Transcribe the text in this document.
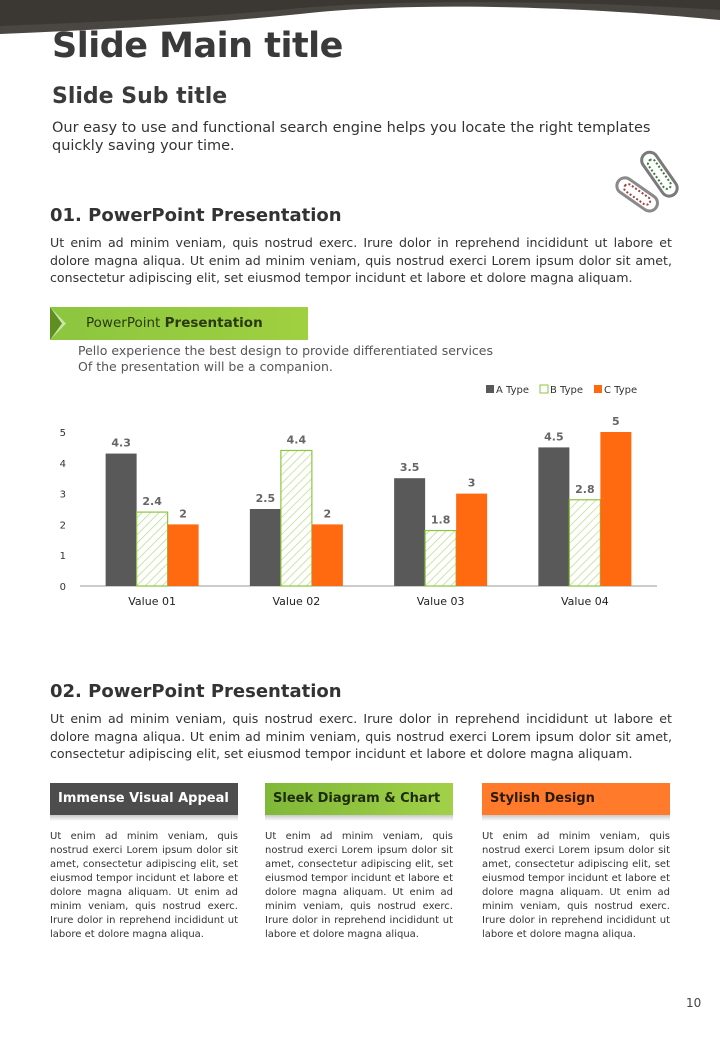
Slide Main title
Slide Sub title
Our easy to use and functional search engine helps you locate the right templates quickly saving your time.
01. PowerPoint Presentation
Ut enim ad minim veniam, quis nostrud exerc. Irure dolor in reprehend incididunt ut labore et dolore magna aliqua. Ut enim ad minim veniam, quis nostrud exerci Lorem ipsum dolor sit amet, consectetur adipiscing elit, set eiusmod tempor incidunt et labore et dolore magna aliquam.
PowerPoint Presentation
Pello experience the best design to provide differentiated services
Of the presentation will be a companion.
0
1
2
3
4
5
4.3
2.4
2
Value 01
2.5
4.4
2
Value 02
3.5
1.8
3
Value 03
4.5
2.8
5
Value 04
A Type B Type C Type
02. PowerPoint Presentation
Ut enim ad minim veniam, quis nostrud exerc. Irure dolor in reprehend incididunt ut labore et dolore magna aliqua. Ut enim ad minim veniam, quis nostrud exerci Lorem ipsum dolor sit amet, consectetur adipiscing elit, set eiusmod tempor incidunt et labore et dolore magna aliquam.
Immense Visual Appeal
Ut enim ad minim veniam, quis nostrud exerci Lorem ipsum dolor sit amet, consectetur adipiscing elit, set eiusmod tempor incidunt et labore et dolore magna aliquam. Ut enim ad minim veniam, quis nostrud exerc. Irure dolor in reprehend incididunt ut labore et dolore magna aliqua.
Sleek Diagram & Chart
Ut enim ad minim veniam, quis nostrud exerci Lorem ipsum dolor sit amet, consectetur adipiscing elit, set eiusmod tempor incidunt et labore et dolore magna aliquam. Ut enim ad minim veniam, quis nostrud exerc. Irure dolor in reprehend incididunt ut labore et dolore magna aliqua.
Stylish Design
Ut enim ad minim veniam, quis nostrud exerci Lorem ipsum dolor sit amet, consectetur adipiscing elit, set eiusmod tempor incidunt et labore et dolore magna aliquam. Ut enim ad minim veniam, quis nostrud exerc. Irure dolor in reprehend incididunt ut labore et dolore magna aliqua.
10
